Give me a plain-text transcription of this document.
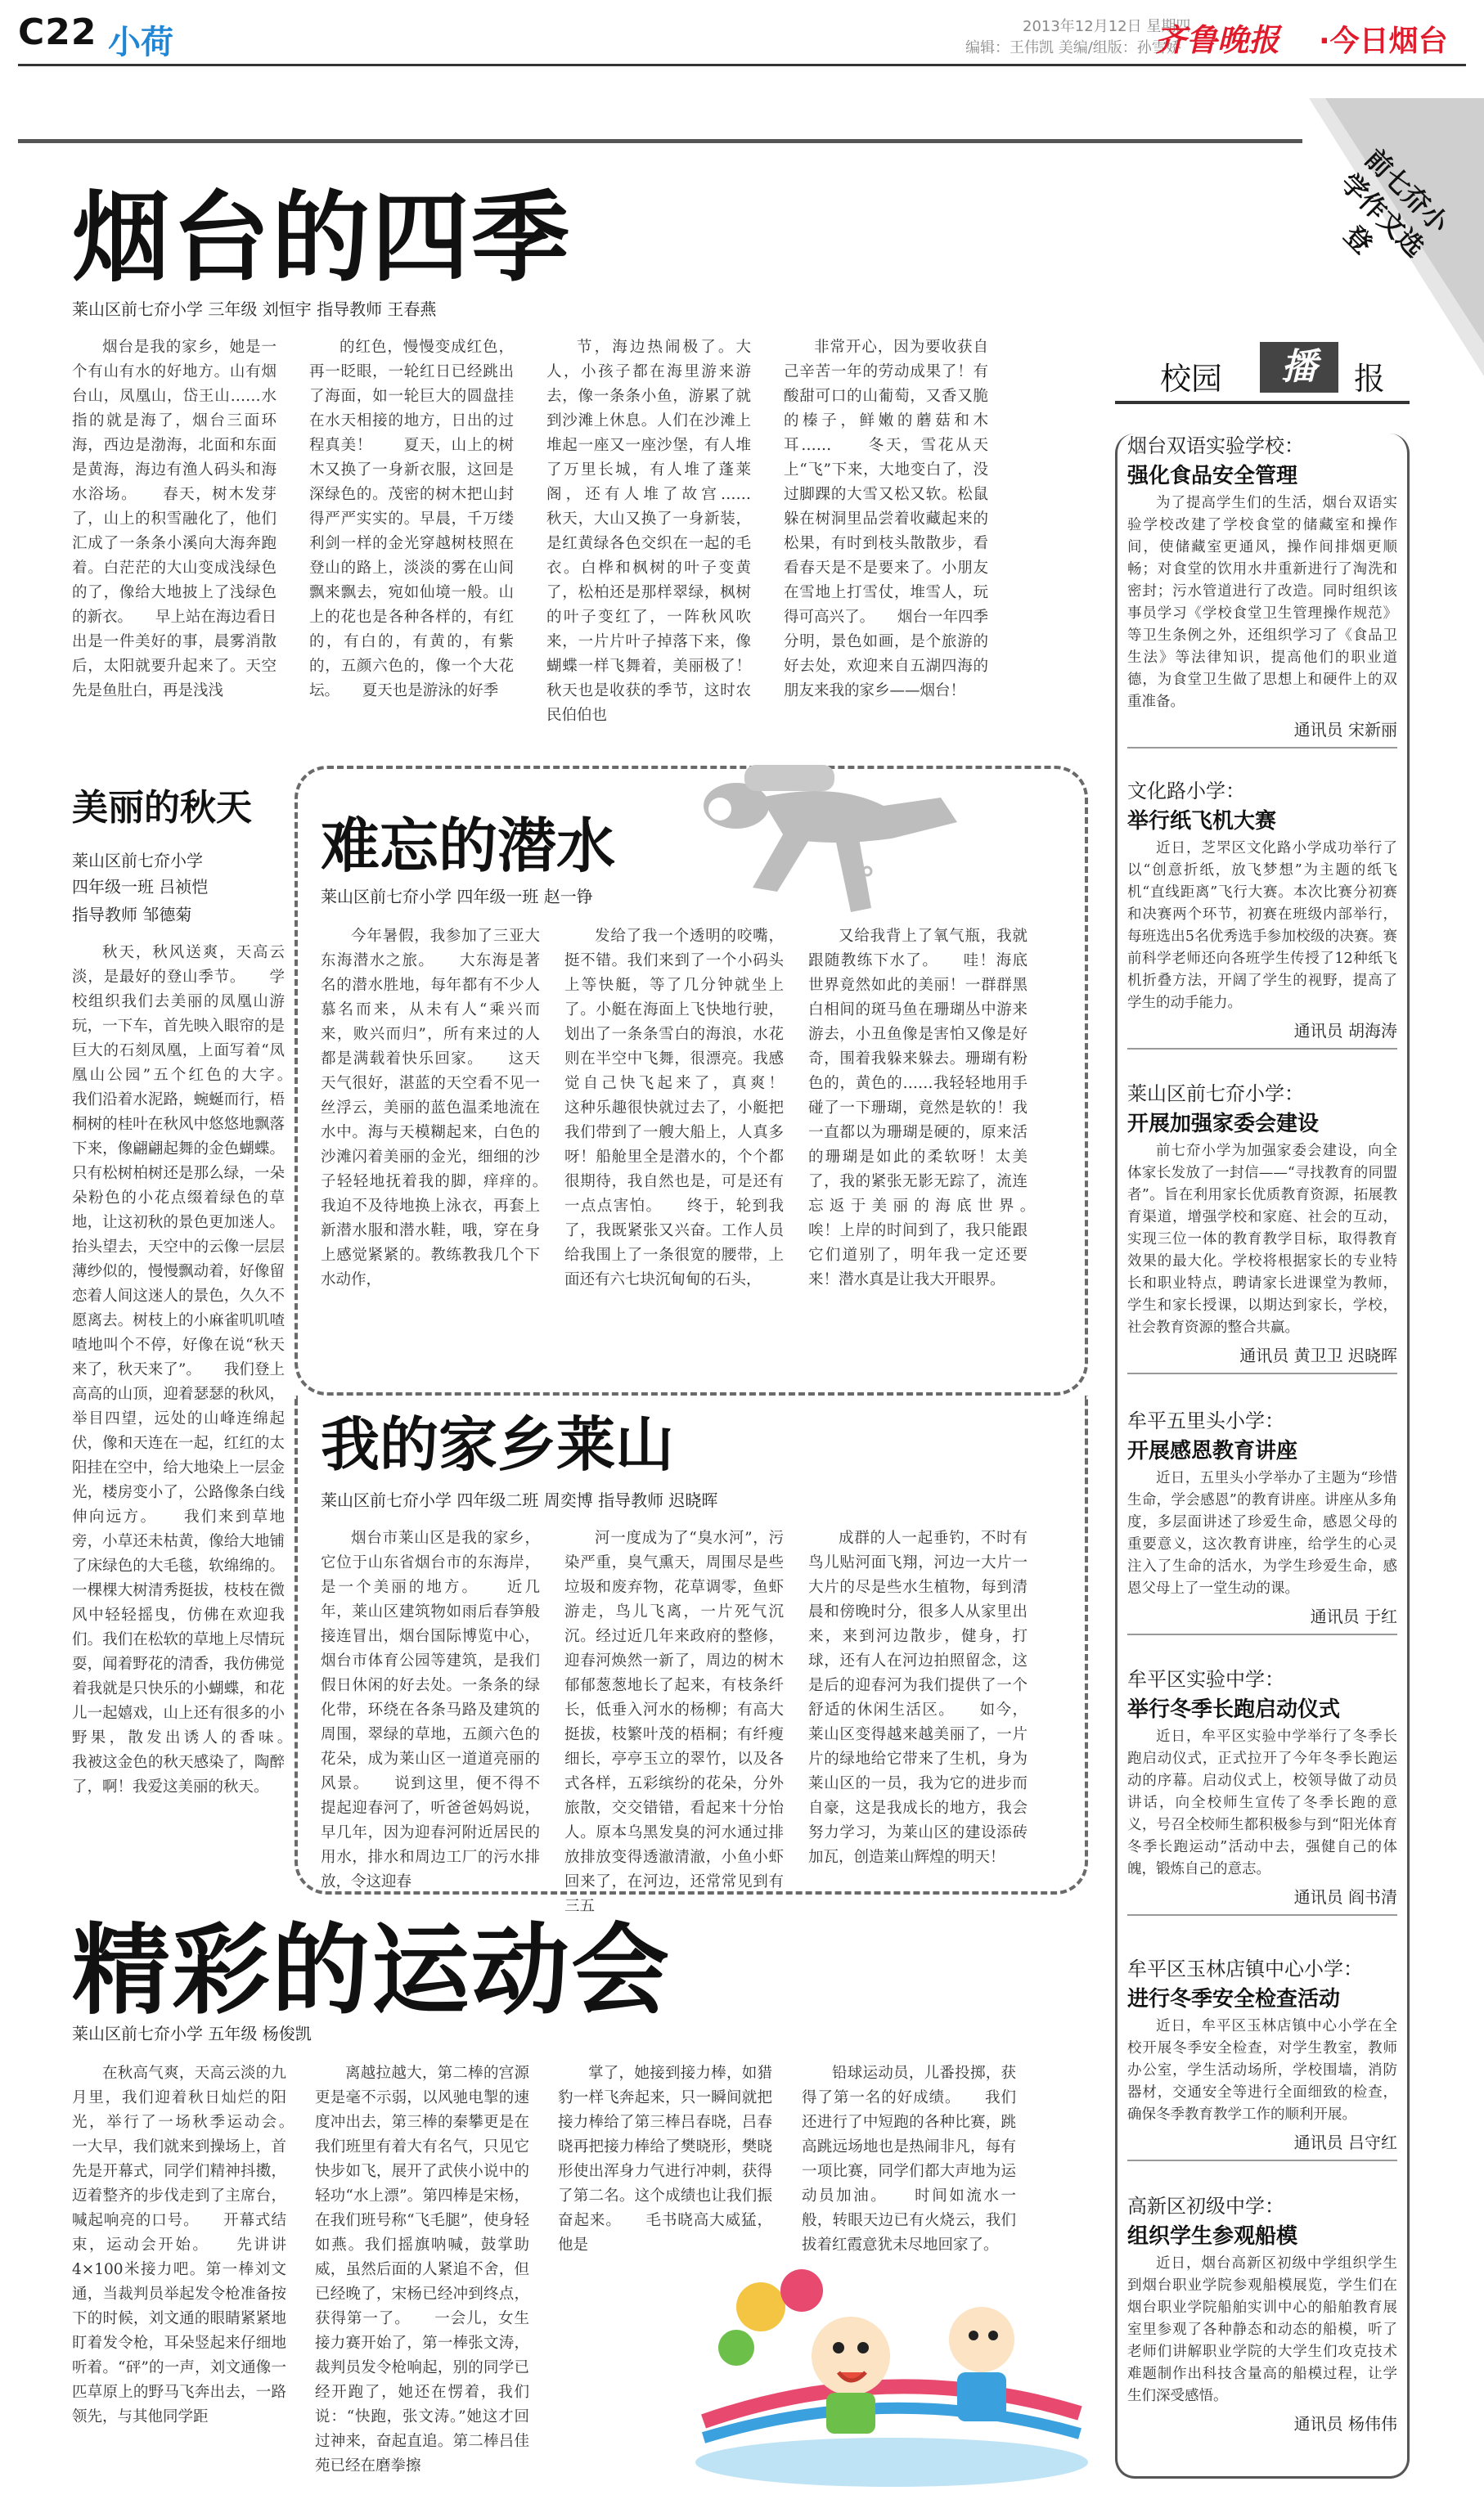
C22 小荷	2013年12月12日 星期四
编辑：王伟凯 美编/组版：孙雪娇
齐鲁晚报 ·今日烟台
前七夼小学作文选登
烟台的四季
莱山区前七夼小学 三年级 刘恒宇 指导教师 王春燕

烟台是我的家乡，她是一个有山有水的好地方。山有烟台山，凤凰山，岱王山……水指的就是海了，烟台三面环海，西边是渤海，北面和东面是黄海，海边有渔人码头和海水浴场。　　春天，树木发芽了，山上的积雪融化了，他们汇成了一条条小溪向大海奔跑着。白茫茫的大山变成浅绿色的了，像给大地披上了浅绿色的新衣。　　早上站在海边看日出是一件美好的事，晨雾消散后，太阳就要升起来了。天空先是鱼肚白，再是浅浅

的红色，慢慢变成红色，再一眨眼，一轮红日已经跳出了海面，如一轮巨大的圆盘挂在水天相接的地方，日出的过程真美！　　夏天，山上的树木又换了一身新衣服，这回是深绿色的。茂密的树木把山封得严严实实的。早晨，千万缕利剑一样的金光穿越树枝照在登山的路上，淡淡的雾在山间飘来飘去，宛如仙境一般。山上的花也是各种各样的，有红的，有白的，有黄的，有紫的，五颜六色的，像一个大花坛。　　夏天也是游泳的好季

节，海边热闹极了。大人，小孩子都在海里游来游去，像一条条小鱼，游累了就到沙滩上休息。人们在沙滩上堆起一座又一座沙堡，有人堆了万里长城，有人堆了蓬莱阁，还有人堆了故宫……　　秋天，大山又换了一身新装，是红黄绿各色交织在一起的毛衣。白桦和枫树的叶子变黄了，松柏还是那样翠绿，枫树的叶子变红了，一阵秋风吹来，一片片叶子掉落下来，像蝴蝶一样飞舞着，美丽极了！秋天也是收获的季节，这时农民伯伯也

非常开心，因为要收获自己辛苦一年的劳动成果了！有酸甜可口的山葡萄，又香又脆的榛子，鲜嫩的蘑菇和木耳……　　冬天，雪花从天上“飞”下来，大地变白了，没过脚踝的大雪又松又软。松鼠躲在树洞里品尝着收藏起来的松果，有时到枝头散散步，看看春天是不是要来了。小朋友在雪地上打雪仗，堆雪人，玩得可高兴了。　　烟台一年四季分明，景色如画，是个旅游的好去处，欢迎来自五湖四海的朋友来我的家乡——烟台！

美丽的秋天
莱山区前七夼小学
四年级一班 吕祯恺
指导教师 邹德菊

秋天，秋风送爽，天高云淡，是最好的登山季节。　　学校组织我们去美丽的凤凰山游玩，一下车，首先映入眼帘的是巨大的石刻凤凰，上面写着“凤凰山公园”五个红色的大字。　　我们沿着水泥路，蜿蜒而行，梧桐树的桂叶在秋风中悠悠地飘落下来，像翩翩起舞的金色蝴蝶。只有松树柏树还是那么绿，一朵朵粉色的小花点缀着绿色的草地，让这初秋的景色更加迷人。抬头望去，天空中的云像一层层薄纱似的，慢慢飘动着，好像留恋着人间这迷人的景色，久久不愿离去。树枝上的小麻雀叽叽喳喳地叫个不停，好像在说“秋天来了，秋天来了”。　　我们登上高高的山顶，迎着瑟瑟的秋风，举目四望，远处的山峰连绵起伏，像和天连在一起，红红的太阳挂在空中，给大地染上一层金光，楼房变小了，公路像条白线伸向远方。　　我们来到草地旁，小草还未枯黄，像给大地铺了床绿色的大毛毯，软绵绵的。一棵棵大树清秀挺拔，枝枝在微风中轻轻摇曳，仿佛在欢迎我们。我们在松软的草地上尽情玩耍，闻着野花的清香，我仿佛觉着我就是只快乐的小蝴蝶，和花儿一起嬉戏，山上还有很多的小野果，散发出诱人的香味。　　我被这金色的秋天感染了，陶醉了，啊！我爱这美丽的秋天。

难忘的潜水
莱山区前七夼小学 四年级一班 赵一铮

今年暑假，我参加了三亚大东海潜水之旅。　　大东海是著名的潜水胜地，每年都有不少人慕名而来，从未有人“乘兴而来，败兴而归”，所有来过的人都是满载着快乐回家。　　这天天气很好，湛蓝的天空看不见一丝浮云，美丽的蓝色温柔地流在水中。海与天模糊起来，白色的沙滩闪着美丽的金光，细细的沙子轻轻地抚着我的脚，痒痒的。　　我迫不及待地换上泳衣，再套上新潜水服和潜水鞋，哦，穿在身上感觉紧紧的。教练教我几个下水动作，

发给了我一个透明的咬嘴，挺不错。我们来到了一个小码头上等快艇，等了几分钟就坐上了。小艇在海面上飞快地行驶，划出了一条条雪白的海浪，水花则在半空中飞舞，很漂亮。我感觉自己快飞起来了，真爽！　　这种乐趣很快就过去了，小艇把我们带到了一艘大船上，人真多呀！船舱里全是潜水的，个个都很期待，我自然也是，可是还有一点点害怕。　　终于，轮到我了，我既紧张又兴奋。工作人员给我围上了一条很宽的腰带，上面还有六七块沉甸甸的石头，

又给我背上了氧气瓶，我就跟随教练下水了。　　哇！海底世界竟然如此的美丽！一群群黑白相间的斑马鱼在珊瑚丛中游来游去，小丑鱼像是害怕又像是好奇，围着我躲来躲去。珊瑚有粉色的，黄色的……我轻轻地用手碰了一下珊瑚，竟然是软的！我一直都以为珊瑚是硬的，原来活的珊瑚是如此的柔软呀！太美了，我的紧张无影无踪了，流连忘返于美丽的海底世界。　　唉！上岸的时间到了，我只能跟它们道别了，明年我一定还要来！潜水真是让我大开眼界。

我的家乡莱山
莱山区前七夼小学 四年级二班 周奕博 指导教师 迟晓晖

烟台市莱山区是我的家乡，它位于山东省烟台市的东海岸，是一个美丽的地方。　　近几年，莱山区建筑物如雨后春笋般接连冒出，烟台国际博览中心，烟台市体育公园等建筑，是我们假日休闲的好去处。一条条的绿化带，环绕在各条马路及建筑的周围，翠绿的草地，五颜六色的花朵，成为莱山区一道道亮丽的风景。　　说到这里，便不得不提起迎春河了，听爸爸妈妈说，早几年，因为迎春河附近居民的用水，排水和周边工厂的污水排放，令这迎春

河一度成为了“臭水河”，污染严重，臭气熏天，周围尽是些垃圾和废弃物，花草调零，鱼虾游走，鸟儿飞离，一片死气沉沉。经过近几年来政府的整修，迎春河焕然一新了，周边的树木郁郁葱葱地长了起来，有枝条纤长，低垂入河水的杨柳；有高大挺拔，枝繁叶茂的梧桐；有纤瘦细长，亭亭玉立的翠竹，以及各式各样，五彩缤纷的花朵，分外旅散，交交错错，看起来十分怡人。原本乌黑发臭的河水通过排放排放变得透澈清澈，小鱼小虾回来了，在河边，还常常见到有三五

成群的人一起垂钓，不时有鸟儿贴河面飞翔，河边一大片一大片的尽是些水生植物，每到清晨和傍晚时分，很多人从家里出来，来到河边散步，健身，打球，还有人在河边拍照留念，这是后的迎春河为我们提供了一个舒适的休闲生活区。　　如今，莱山区变得越来越美丽了，一片片的绿地给它带来了生机，身为莱山区的一员，我为它的进步而自豪，这是我成长的地方，我会努力学习，为莱山区的建设添砖加瓦，创造莱山辉煌的明天！

精彩的运动会
莱山区前七夼小学 五年级 杨俊凯

在秋高气爽，天高云淡的九月里，我们迎着秋日灿烂的阳光，举行了一场秋季运动会。　　一大早，我们就来到操场上，首先是开幕式，同学们精神抖擞，迈着整齐的步伐走到了主席台，喊起响亮的口号。　　开幕式结束，运动会开始。　　先讲讲4×100米接力吧。第一棒刘文通，当裁判员举起发令枪准备按下的时候，刘文通的眼睛紧紧地盯着发令枪，耳朵竖起来仔细地听着。“砰”的一声，刘文通像一匹草原上的野马飞奔出去，一路领先，与其他同学距

离越拉越大，第二棒的宫源更是毫不示弱，以风驰电掣的速度冲出去，第三棒的秦攀更是在我们班里有着大有名气，只见它快步如飞，展开了武侠小说中的轻功“水上漂”。第四棒是宋杨，在我们班号称“飞毛腿”，使身轻如燕。我们摇旗呐喊，鼓掌助威，虽然后面的人紧追不舍，但已经晚了，宋杨已经冲到终点，获得第一了。　　一会儿，女生接力赛开始了，第一棒张文涛，裁判员发令枪响起，别的同学已经开跑了，她还在愣着，我们说：“快跑，张文涛。”她这才回过神来，奋起直追。第二棒吕佳苑已经在磨拳擦

掌了，她接到接力棒，如猎豹一样飞奔起来，只一瞬间就把接力棒给了第三棒吕春晓，吕春晓再把接力棒给了樊晓形，樊晓形使出浑身力气进行冲刺，获得了第二名。这个成绩也让我们振奋起来。　　毛书晓高大威猛，他是

铅球运动员，儿番投掷，获得了第一名的好成绩。　　我们还进行了中短跑的各种比赛，跳高跳远场地也是热闹非凡，每有一项比赛，同学们都大声地为运动员加油。　　时间如流水一般，转眼天边已有火烧云，我们拔着红霞意犹未尽地回家了。

校园	播	报
烟台双语实验学校：
强化食品安全管理
为了提高学生们的生活，烟台双语实验学校改建了学校食堂的储藏室和操作间，使储藏室更通风，操作间排烟更顺畅；对食堂的饮用水井重新进行了淘洗和密封；污水管道进行了改造。同时组织该事员学习《学校食堂卫生管理操作规范》等卫生条例之外，还组织学习了《食品卫生法》等法律知识，提高他们的职业道德，为食堂卫生做了思想上和硬件上的双重准备。
通讯员 宋新丽
文化路小学：
举行纸飞机大赛
近日，芝罘区文化路小学成功举行了以“创意折纸，放飞梦想”为主题的纸飞机“直线距离”飞行大赛。本次比赛分初赛和决赛两个环节，初赛在班级内部举行，每班选出5名优秀选手参加校级的决赛。赛前科学老师还向各班学生传授了12种纸飞机折叠方法，开阔了学生的视野，提高了学生的动手能力。
通讯员 胡海涛
莱山区前七夼小学：
开展加强家委会建设
前七夼小学为加强家委会建设，向全体家长发放了一封信——“寻找教育的同盟者”。旨在利用家长优质教育资源，拓展教育渠道，增强学校和家庭、社会的互动，实现三位一体的教育教学目标，取得教育效果的最大化。学校将根据家长的专业特长和职业特点，聘请家长进课堂为教师，学生和家长授课，以期达到家长，学校，社会教育资源的整合共赢。
通讯员 黄卫卫 迟晓晖
牟平五里头小学：
开展感恩教育讲座
近日，五里头小学举办了主题为“珍惜生命，学会感恩”的教育讲座。讲座从多角度，多层面讲述了珍爱生命，感恩父母的重要意义，这次教育讲座，给学生的心灵注入了生命的活水，为学生珍爱生命，感恩父母上了一堂生动的课。
通讯员 于红
牟平区实验中学：
举行冬季长跑启动仪式
近日，牟平区实验中学举行了冬季长跑启动仪式，正式拉开了今年冬季长跑运动的序幕。启动仪式上，校领导做了动员讲话，向全校师生宣传了冬季长跑的意义，号召全校师生都积极参与到“阳光体育冬季长跑运动”活动中去，强健自己的体魄，锻炼自己的意志。
通讯员 阎书清
牟平区玉林店镇中心小学：
进行冬季安全检查活动
近日，牟平区玉林店镇中心小学在全校开展冬季安全检查，对学生教室，教师办公室，学生活动场所，学校围墙，消防器材，交通安全等进行全面细致的检查，确保冬季教育教学工作的顺利开展。
通讯员 吕守红
高新区初级中学：
组织学生参观船模
近日，烟台高新区初级中学组织学生到烟台职业学院参观船模展览，学生们在烟台职业学院船舶实训中心的船舶教育展室里参观了各种静态和动态的船模，听了老师们讲解职业学院的大学生们攻克技术难题制作出科技含量高的船模过程，让学生们深受感悟。
通讯员 杨伟伟
